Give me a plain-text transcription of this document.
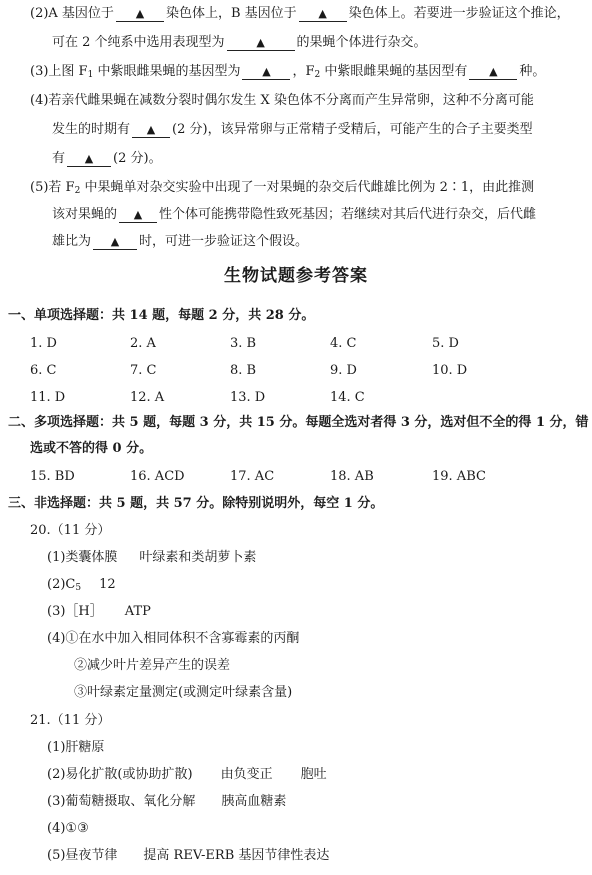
(2)A 基因位于 ▲ 染色体上，B 基因位于 ▲ 染色体上。若要进一步验证这个推论，
可在 2 个纯系中选用表现型为	▲ 的果蝇个体进行杂交。
(3)上图 $F_1$ 中紫眼雌果蝇的基因型为 ▲ ，$F_2$ 中紫眼雌果蝇的基因型有 ▲ 种。
(4)若亲代雌果蝇在减数分裂时偶尔发生 X 染色体不分离而产生异常卵，这种不分离可能
发生的时期有 ▲ (2 分)，该异常卵与正常精子受精后，可能产生的合子主要类型
有 ▲ (2 分)。
(5)若 $F_2$ 中果蝇单对杂交实验中出现了一对果蝇的杂交后代雌雄比例为 2∶1，由此推测
该对果蝇的 ▲ 性个体可能携带隐性致死基因；若继续对其后代进行杂交，后代雌
雄比为 ▲ 时，可进一步验证这个假设。
生物试题参考答案
一、单项选择题：共 14 题，每题 2 分，共 28 分。
1. D	2. A	3. B	4. C	5. D
6. C	7. C	8. B	9. D	10. D
11. D	12. A	13. D	14. C
二、多项选择题：共 5 题，每题 3 分，共 15 分。每题全选对者得 3 分，选对但不全的得 1 分，错
选或不答的得 0 分。
15. BD	16. ACD	17. AC	18. AB	19. ABC
三、非选择题：共 5 题，共 57 分。除特别说明外，每空 1 分。
20.（11 分）
(1)类囊体膜 叶绿素和类胡萝卜素
$(2)C_5$ 12
(3)［H］ ATP
(4)①在水中加入相同体积不含寡霉素的丙酮
②减少叶片差异产生的误差
③叶绿素定量测定(或测定叶绿素含量)
21.（11 分）
(1)肝糖原
(2)易化扩散(或协助扩散) 由负变正 胞吐
(3)葡萄糖摄取、氧化分解 胰高血糖素
(4)①③
(5)昼夜节律 提高 REV-ERB 基因节律性表达
